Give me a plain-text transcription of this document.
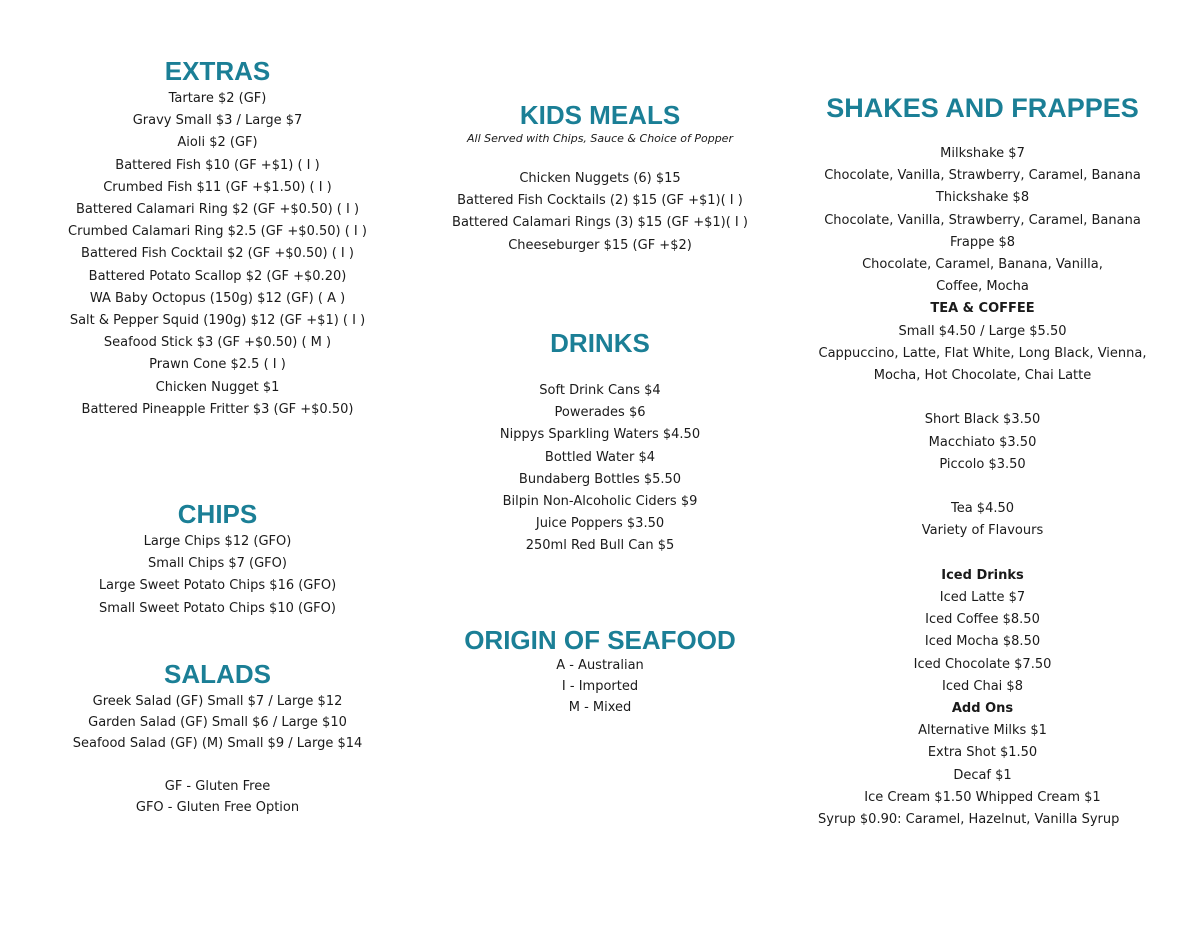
EXTRAS
Tartare $2 (GF)
Gravy Small $3 / Large $7
Aioli $2 (GF)
Battered Fish $10 (GF +$1) ( I )
Crumbed Fish $11 (GF +$1.50) ( I )
Battered Calamari Ring $2 (GF +$0.50) ( I )
Crumbed Calamari Ring $2.5 (GF +$0.50) ( I )
Battered Fish Cocktail $2 (GF +$0.50) ( I )
Battered Potato Scallop $2 (GF +$0.20)
WA Baby Octopus (150g) $12 (GF) ( A )
Salt & Pepper Squid (190g) $12 (GF +$1) ( I )
Seafood Stick $3 (GF +$0.50) ( M )
Prawn Cone $2.5 ( I )
Chicken Nugget $1
Battered Pineapple Fritter $3 (GF +$0.50)
CHIPS
Large Chips $12 (GFO)
Small Chips $7 (GFO)
Large Sweet Potato Chips $16 (GFO)
Small Sweet Potato Chips $10 (GFO)
SALADS
Greek Salad (GF) Small $7 / Large $12
Garden Salad (GF) Small $6 / Large $10
Seafood Salad (GF) (M) Small $9 / Large $14
GF - Gluten Free
GFO - Gluten Free Option
KIDS MEALS

All Served with Chips, Sauce & Choice of Popper

Chicken Nuggets (6) $15
Battered Fish Cocktails (2) $15 (GF +$1)( I )
Battered Calamari Rings (3) $15 (GF +$1)( I )
Cheeseburger $15 (GF +$2)
DRINKS
Soft Drink Cans $4
Powerades $6
Nippys Sparkling Waters $4.50
Bottled Water $4
Bundaberg Bottles $5.50
Bilpin Non-Alcoholic Ciders $9
Juice Poppers $3.50
250ml Red Bull Can $5
ORIGIN OF SEAFOOD
A - Australian
I - Imported
M - Mixed
SHAKES AND FRAPPES
Milkshake $7
Chocolate, Vanilla, Strawberry, Caramel, Banana
Thickshake $8
Chocolate, Vanilla, Strawberry, Caramel, Banana
Frappe $8
Chocolate, Caramel, Banana, Vanilla,
Coffee, Mocha
TEA & COFFEE
Small $4.50 / Large $5.50
Cappuccino, Latte, Flat White, Long Black, Vienna,
Mocha, Hot Chocolate, Chai Latte
Short Black $3.50
Macchiato $3.50
Piccolo $3.50
Tea $4.50
Variety of Flavours
Iced Drinks
Iced Latte $7
Iced Coffee $8.50
Iced Mocha $8.50
Iced Chocolate $7.50
Iced Chai $8
Add Ons
Alternative Milks $1
Extra Shot $1.50
Decaf $1
Ice Cream $1.50 Whipped Cream $1
Syrup $0.90: Caramel, Hazelnut, Vanilla Syrup
